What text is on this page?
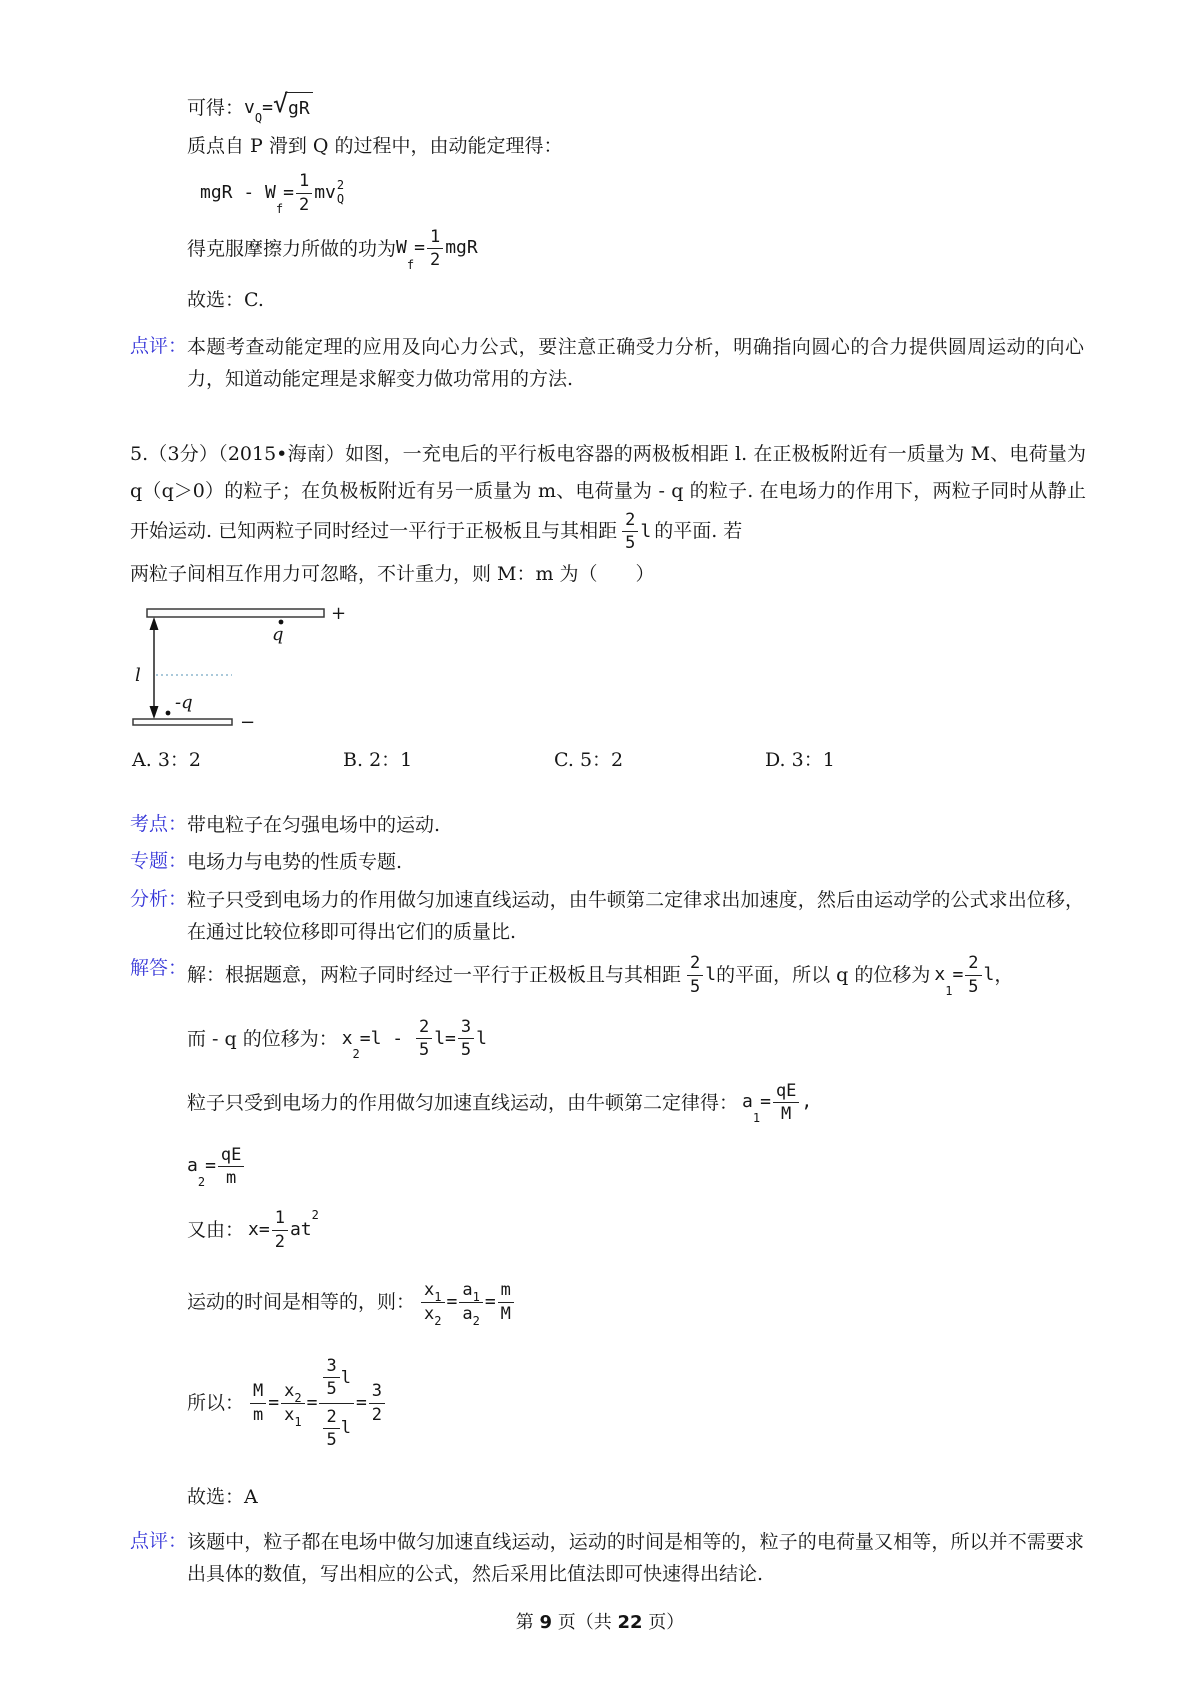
可得： v
$_Q$
= √ gR
质点自 P 滑到 Q 的过程中，由动能定理得：
mgR - W
$_f$
= $\frac{1}{2}$ mv 2
Q
得克服摩擦力所做的功为 W
$_f$
= $\frac{1}{2}$ mgR
故选：C.
点评： 本题考查动能定理的应用及向心力公式，要注意正确受力分析，明确指向圆心的合力提供圆周运动的向心力，知道动能定理是求解变力做功常用的方法.

5.（3分）（2015•海南）如图，一充电后的平行板电容器的两极板相距 l. 在正极板附近有一质量为 M、电荷量为 q（q＞0）的粒子；在负极板附近有另一质量为 m、电荷量为 - q 的粒子. 在电场力的作用下，两粒子同时从静止开始运动. 已知两粒子同时经过一平行于正极板且与其相距 $\frac{2}{5}$ l 的平面. 若

两粒子间相互作用力可忽略，不计重力，则 M：m 为（　　）

+
q
l
-q
−
A. 3：2	B. 2：1	C. 5：2	D. 3：1
考点： 带电粒子在匀强电场中的运动.
专题： 电场力与电势的性质专题.
分析： 粒子只受到电场力的作用做匀加速直线运动，由牛顿第二定律求出加速度，然后由运动学的公式求出位移，在通过比较位移即可得出它们的质量比.
解答： 解：根据题意，两粒子同时经过一平行于正极板且与其相距 $\frac{2}{5}$ l 的平面，所以 q 的位移为 x
$_1$
= $\frac{2}{5}$ l ，
而 - q 的位移为： x
$_2$
$=l - \frac{2}{5} l= \frac{3}{5}$ l
粒子只受到电场力的作用做匀加速直线运动，由牛顿第二定律得： a
$_1$
= $\frac{qE}{M}$ ,
a
$_2$
= $\frac{qE}{m}$
又由： $x= \frac{1}{2}$ at
$^2$
运动的时间是相等的，则： $\frac{x_1}{x_2} = \frac{a_1}{a_2} = \frac{m}{M}$
所以： $\frac{M}{m} = \frac{x_2}{x_1} = \frac{\frac{3}{5} l}{\frac{2}{5} l} = \frac{3}{2}$
故选：A
点评： 该题中，粒子都在电场中做匀加速直线运动，运动的时间是相等的，粒子的电荷量又相等，所以并不需要求出具体的数值，写出相应的公式，然后采用比值法即可快速得出结论.
第 9 页（共 22 页）
